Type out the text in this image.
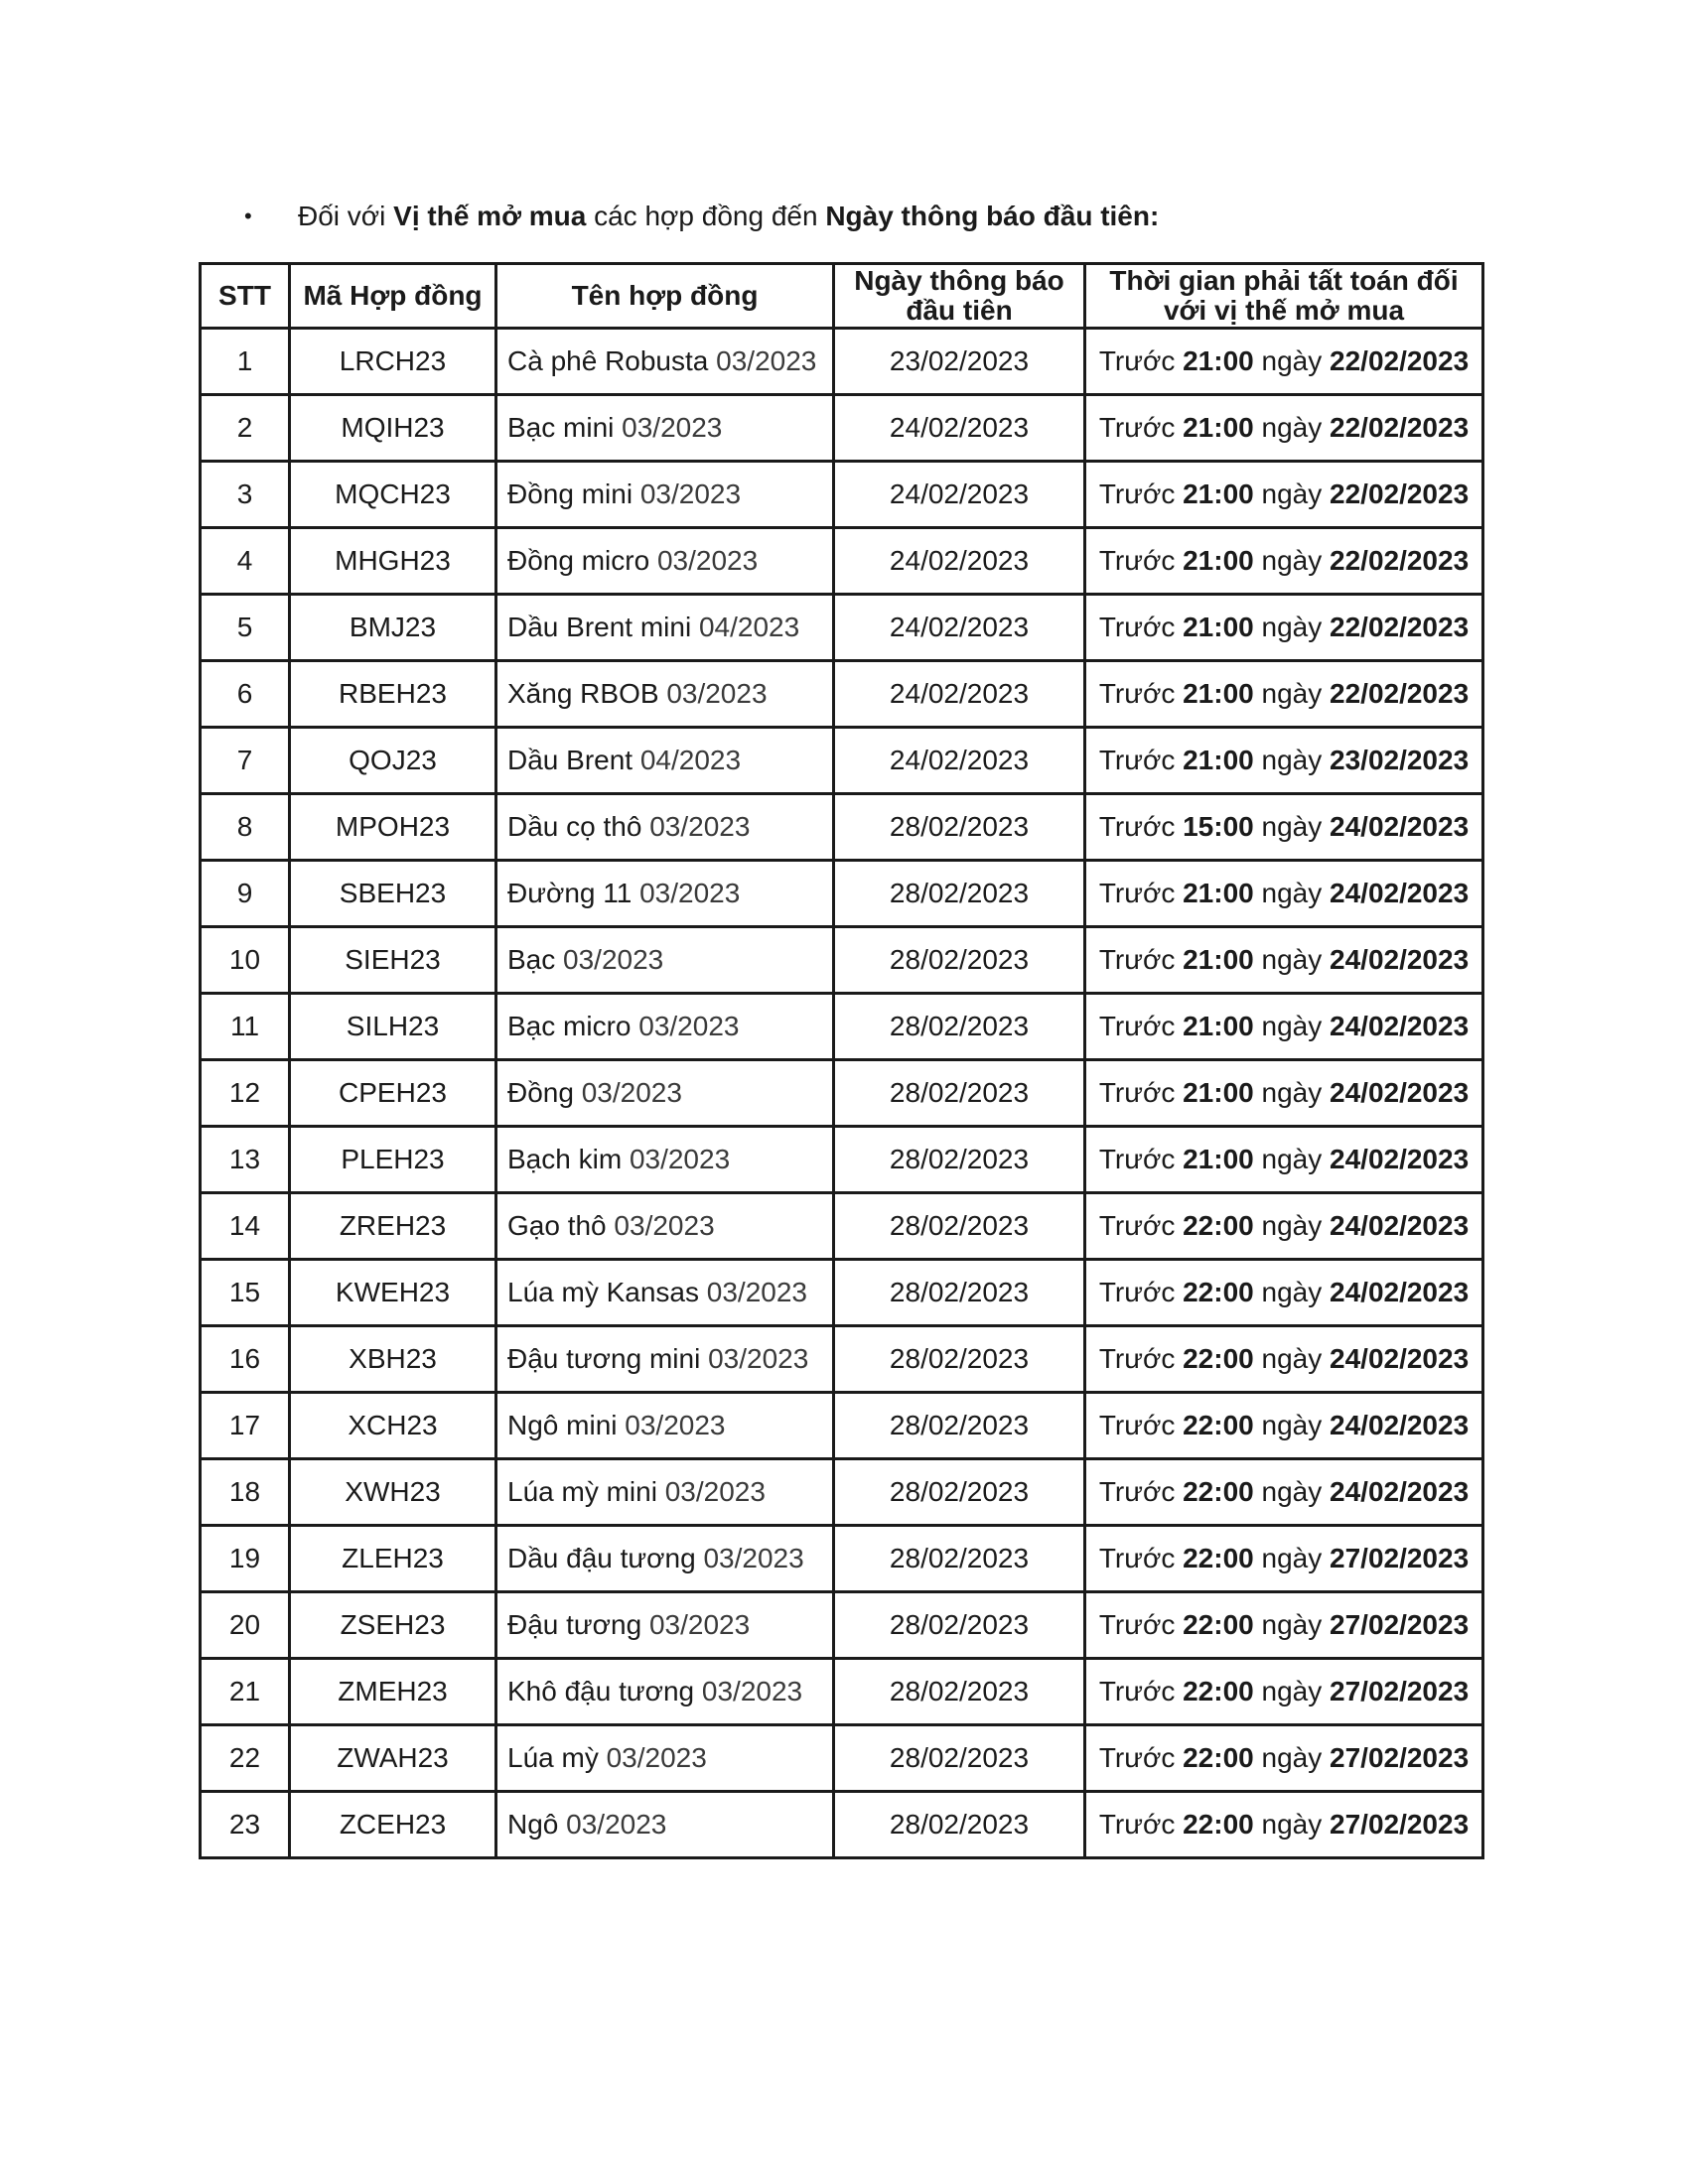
• Đối với Vị thế mở mua các hợp đồng đến Ngày thông báo đầu tiên:
STT	Mã Hợp đồng	Tên hợp đồng	Ngày thông báo đầu tiên	Thời gian phải tất toán đối với vị thế mở mua
1	LRCH23	Cà phê Robusta 03/2023	23/02/2023	Trước 21:00 ngày 22/02/2023
2	MQIH23	Bạc mini 03/2023	24/02/2023	Trước 21:00 ngày 22/02/2023
3	MQCH23	Đồng mini 03/2023	24/02/2023	Trước 21:00 ngày 22/02/2023
4	MHGH23	Đồng micro 03/2023	24/02/2023	Trước 21:00 ngày 22/02/2023
5	BMJ23	Dầu Brent mini 04/2023	24/02/2023	Trước 21:00 ngày 22/02/2023
6	RBEH23	Xăng RBOB 03/2023	24/02/2023	Trước 21:00 ngày 22/02/2023
7	QOJ23	Dầu Brent 04/2023	24/02/2023	Trước 21:00 ngày 23/02/2023
8	MPOH23	Dầu cọ thô 03/2023	28/02/2023	Trước 15:00 ngày 24/02/2023
9	SBEH23	Đường 11 03/2023	28/02/2023	Trước 21:00 ngày 24/02/2023
10	SIEH23	Bạc 03/2023	28/02/2023	Trước 21:00 ngày 24/02/2023
11	SILH23	Bạc micro 03/2023	28/02/2023	Trước 21:00 ngày 24/02/2023
12	CPEH23	Đồng 03/2023	28/02/2023	Trước 21:00 ngày 24/02/2023
13	PLEH23	Bạch kim 03/2023	28/02/2023	Trước 21:00 ngày 24/02/2023
14	ZREH23	Gạo thô 03/2023	28/02/2023	Trước 22:00 ngày 24/02/2023
15	KWEH23	Lúa mỳ Kansas 03/2023	28/02/2023	Trước 22:00 ngày 24/02/2023
16	XBH23	Đậu tương mini 03/2023	28/02/2023	Trước 22:00 ngày 24/02/2023
17	XCH23	Ngô mini 03/2023	28/02/2023	Trước 22:00 ngày 24/02/2023
18	XWH23	Lúa mỳ mini 03/2023	28/02/2023	Trước 22:00 ngày 24/02/2023
19	ZLEH23	Dầu đậu tương 03/2023	28/02/2023	Trước 22:00 ngày 27/02/2023
20	ZSEH23	Đậu tương 03/2023	28/02/2023	Trước 22:00 ngày 27/02/2023
21	ZMEH23	Khô đậu tương 03/2023	28/02/2023	Trước 22:00 ngày 27/02/2023
22	ZWAH23	Lúa mỳ 03/2023	28/02/2023	Trước 22:00 ngày 27/02/2023
23	ZCEH23	Ngô 03/2023	28/02/2023	Trước 22:00 ngày 27/02/2023
